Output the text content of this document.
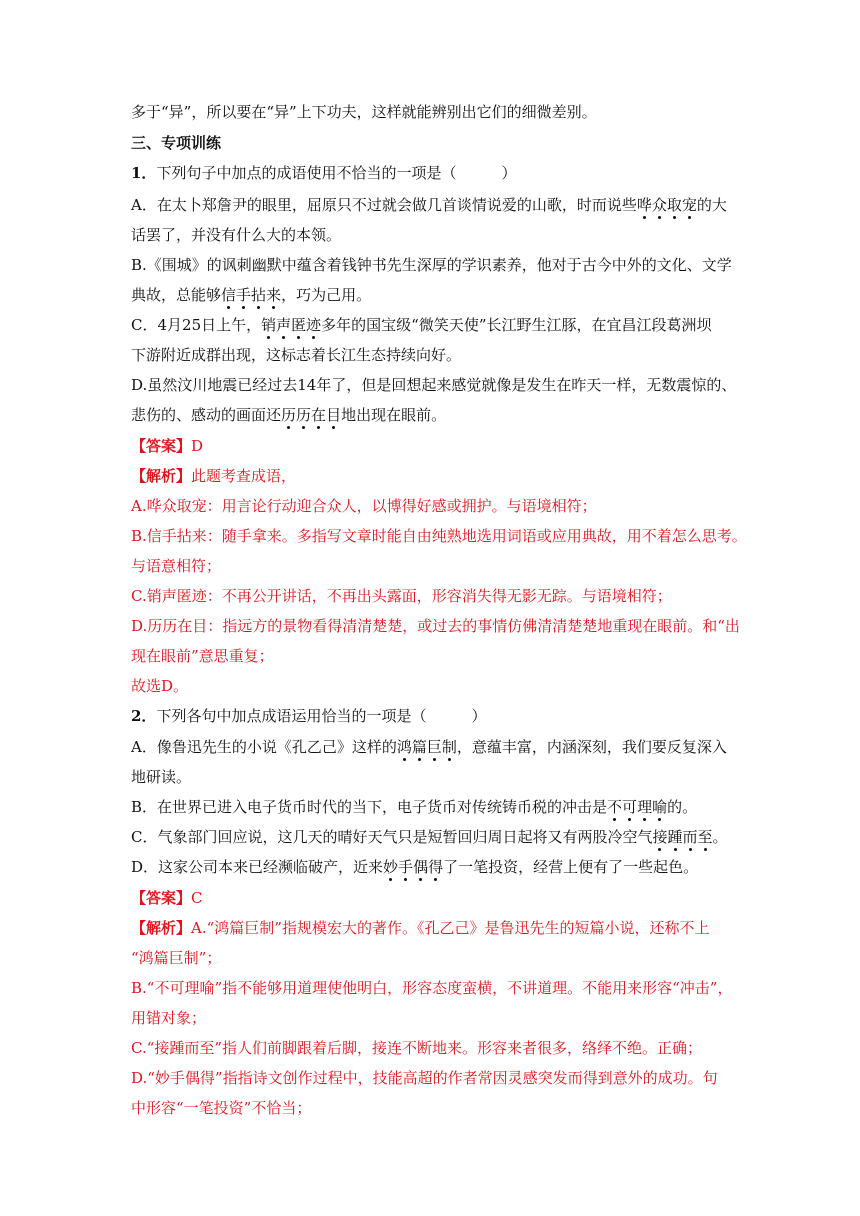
多于“异”，所以要在“异”上下功夫，这样就能辨别出它们的细微差别。
三、专项训练
1．下列句子中加点的成语使用不恰当的一项是（　　　）
A．在太卜郑詹尹的眼里，屈原只不过就会做几首谈情说爱的山歌，时而说些哗众取宠的大
话罢了，并没有什么大的本领。
B.《围城》的讽刺幽默中蕴含着钱钟书先生深厚的学识素养，他对于古今中外的文化、文学
典故，总能够信手拈来，巧为己用。
C．4月25日上午，销声匿迹多年的国宝级“微笑天使”长江野生江豚，在宜昌江段葛洲坝
下游附近成群出现，这标志着长江生态持续向好。
D.虽然汶川地震已经过去14年了，但是回想起来感觉就像是发生在昨天一样，无数震惊的、
悲伤的、感动的画面还历历在目地出现在眼前。
【答案】D
【解析】此题考查成语，
A.哗众取宠：用言论行动迎合众人，以博得好感或拥护。与语境相符；
B.信手拈来：随手拿来。多指写文章时能自由纯熟地选用词语或应用典故，用不着怎么思考。
与语意相符；
C.销声匿迹：不再公开讲话，不再出头露面，形容消失得无影无踪。与语境相符；
D.历历在目：指远方的景物看得清清楚楚，或过去的事情仿佛清清楚楚地重现在眼前。和“出
现在眼前”意思重复；
故选D。
2．下列各句中加点成语运用恰当的一项是（　　　）
A．像鲁迅先生的小说《孔乙己》这样的鸿篇巨制，意蕴丰富，内涵深刻，我们要反复深入
地研读。
B．在世界已进入电子货币时代的当下，电子货币对传统铸币税的冲击是不可理喻的。
C．气象部门回应说，这几天的晴好天气只是短暂回归周日起将又有两股冷空气接踵而至。
D．这家公司本来已经濒临破产，近来妙手偶得了一笔投资，经营上便有了一些起色。
【答案】C
【解析】A.“鸿篇巨制”指规模宏大的著作。《孔乙己》是鲁迅先生的短篇小说，还称不上
“鸿篇巨制”；
B.“不可理喻”指不能够用道理使他明白，形容态度蛮横，不讲道理。不能用来形容“冲击”，
用错对象；
C.“接踵而至”指人们前脚跟着后脚，接连不断地来。形容来者很多，络绎不绝。正确；
D.“妙手偶得”指指诗文创作过程中，技能高超的作者常因灵感突发而得到意外的成功。句
中形容“一笔投资”不恰当；
